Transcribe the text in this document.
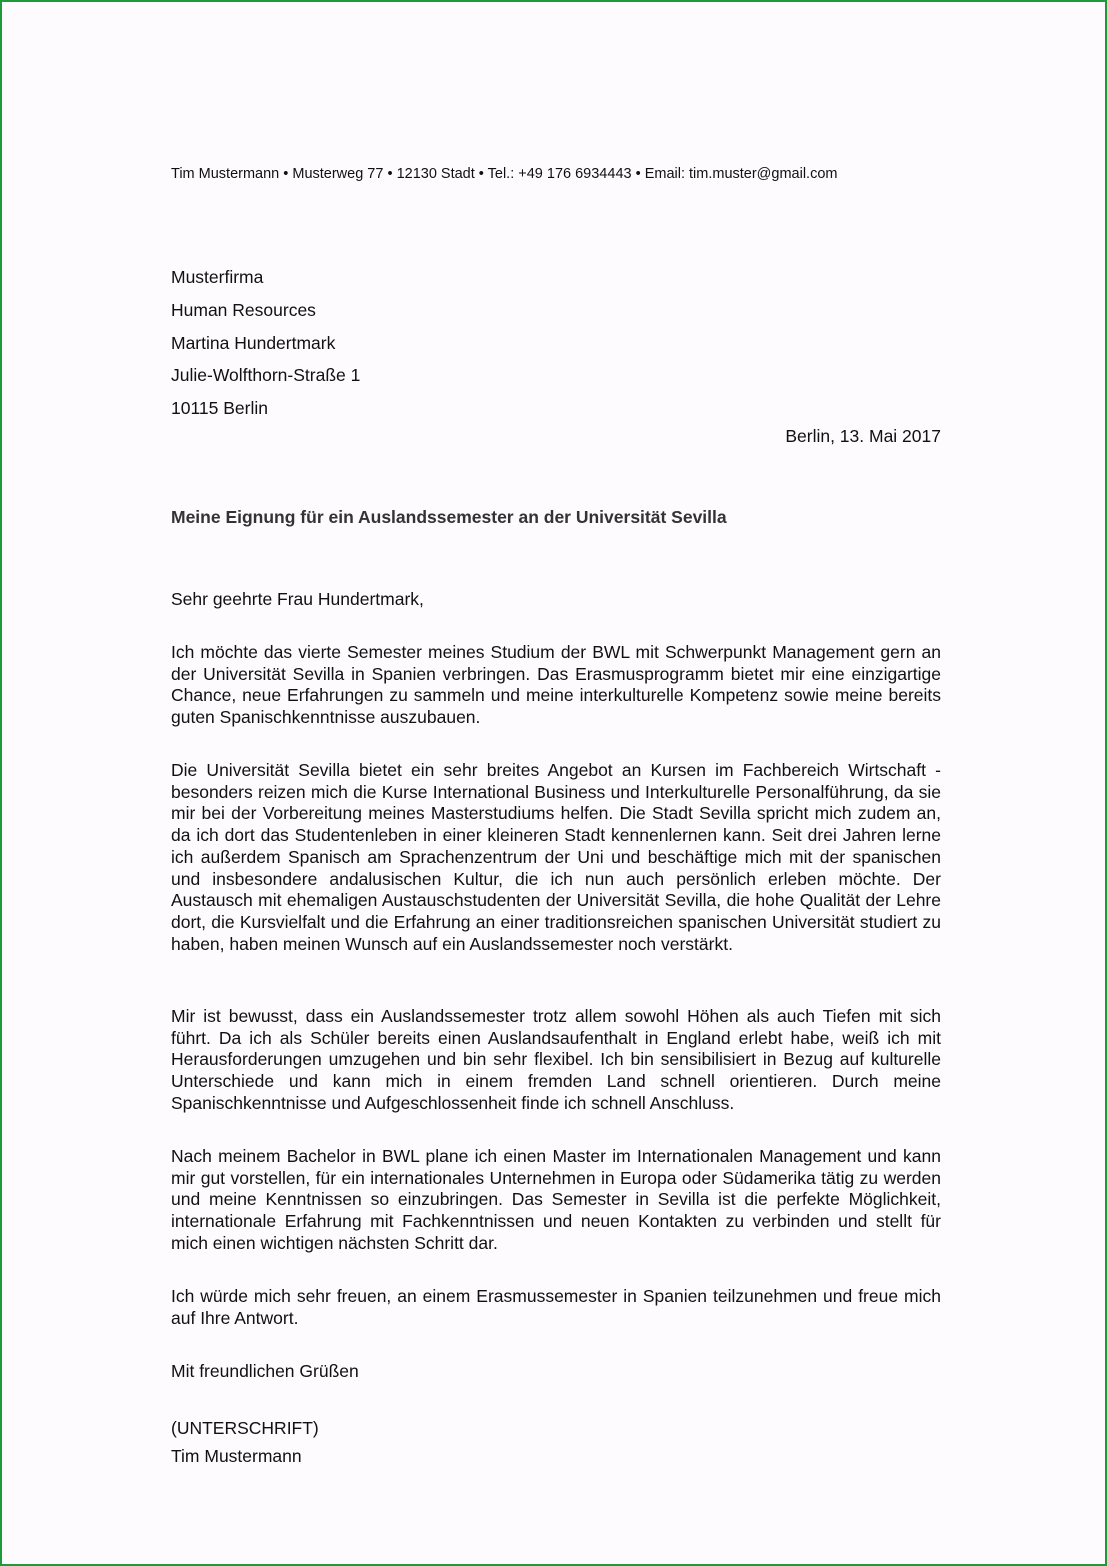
Tim Mustermann • Musterweg 77 • 12130 Stadt • Tel.: +49 176 6934443 • Email: tim.muster@gmail.com
Musterfirma
Human Resources
Martina Hundertmark
Julie-Wolfthorn-Straße 1
10115 Berlin
Berlin, 13. Mai 2017
Meine Eignung für ein Auslandssemester an der Universität Sevilla
Sehr geehrte Frau Hundertmark,
Ich möchte das vierte Semester meines Studium der BWL mit Schwerpunkt Management gern an der Universität Sevilla in Spanien verbringen. Das Erasmusprogramm bietet mir eine einzigartige Chance, neue Erfahrungen zu sammeln und meine interkulturelle Kompetenz sowie meine bereits guten Spanischkenntnisse auszubauen.
Die Universität Sevilla bietet ein sehr breites Angebot an Kursen im Fachbereich Wirtschaft - besonders reizen mich die Kurse International Business und Interkulturelle Personalführung, da sie mir bei der Vorbereitung meines Masterstudiums helfen. Die Stadt Sevilla spricht mich zudem an, da ich dort das Studentenleben in einer kleineren Stadt kennenlernen kann. Seit drei Jahren lerne ich außerdem Spanisch am Sprachenzentrum der Uni und beschäftige mich mit der spanischen und insbesondere andalusischen Kultur, die ich nun auch persönlich erleben möchte. Der Austausch mit ehemaligen Austauschstudenten der Universität Sevilla, die hohe Qualität der Lehre dort, die Kursvielfalt und die Erfahrung an einer traditionsreichen spanischen Universität studiert zu haben, haben meinen Wunsch auf ein Auslandssemester noch verstärkt.
Mir ist bewusst, dass ein Auslandssemester trotz allem sowohl Höhen als auch Tiefen mit sich führt. Da ich als Schüler bereits einen Auslandsaufenthalt in England erlebt habe, weiß ich mit Herausforderungen umzugehen und bin sehr flexibel. Ich bin sensibilisiert in Bezug auf kulturelle Unterschiede und kann mich in einem fremden Land schnell orientieren. Durch meine Spanischkenntnisse und Aufgeschlossenheit finde ich schnell Anschluss.
Nach meinem Bachelor in BWL plane ich einen Master im Internationalen Management und kann mir gut vorstellen, für ein internationales Unternehmen in Europa oder Südamerika tätig zu werden und meine Kenntnissen so einzubringen. Das Semester in Sevilla ist die perfekte Möglichkeit, internationale Erfahrung mit Fachkenntnissen und neuen Kontakten zu verbinden und stellt für mich einen wichtigen nächsten Schritt dar.
Ich würde mich sehr freuen, an einem Erasmussemester in Spanien teilzunehmen und freue mich auf Ihre Antwort.
Mit freundlichen Grüßen
(UNTERSCHRIFT)
Tim Mustermann
